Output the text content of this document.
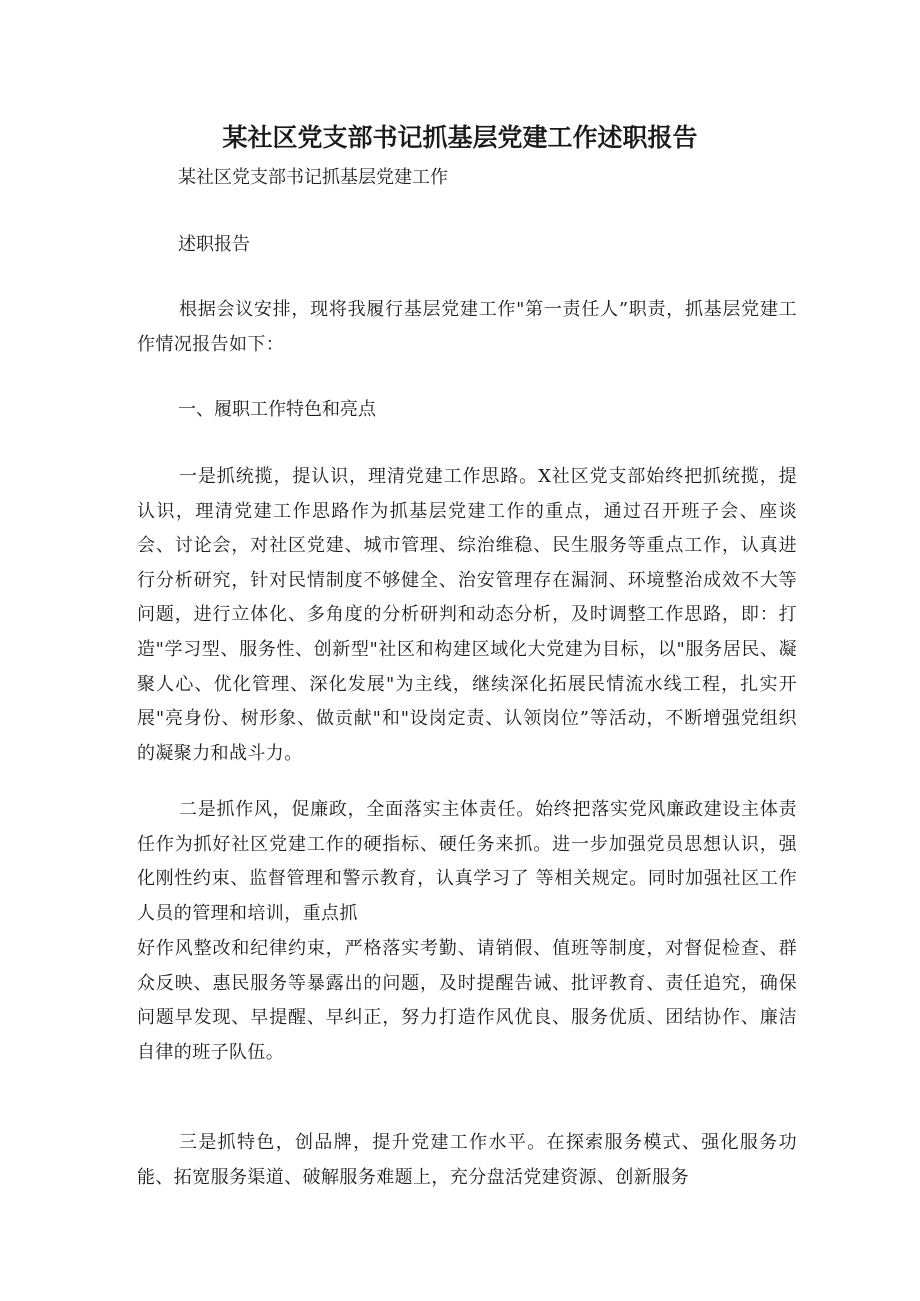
某社区党支部书记抓基层党建工作述职报告

某社区党支部书记抓基层党建工作

述职报告

根据会议安排，现将我履行基层党建工作"第一责任人”职责，抓基层党建工作情况报告如下：

一、履职工作特色和亮点

一是抓统揽，提认识，理清党建工作思路。X社区党支部始终把抓统揽，提认识，理清党建工作思路作为抓基层党建工作的重点，通过召开班子会、座谈会、讨论会，对社区党建、城市管理、综治维稳、民生服务等重点工作，认真进行分析研究，针对民情制度不够健全、治安管理存在漏洞、环境整治成效不大等问题，进行立体化、多角度的分析研判和动态分析，及时调整工作思路，即：打造"学习型、服务性、创新型"社区和构建区域化大党建为目标，以"服务居民、凝聚人心、优化管理、深化发展"为主线，继续深化拓展民情流水线工程，扎实开展"亮身份、树形象、做贡献"和"设岗定责、认领岗位”等活动，不断增强党组织的凝聚力和战斗力。

二是抓作风，促廉政，全面落实主体责任。始终把落实党风廉政建设主体责任作为抓好社区党建工作的硬指标、硬任务来抓。进一步加强党员思想认识，强化刚性约束、监督管理和警示教育，认真学习了 等相关规定。同时加强社区工作人员的管理和培训，重点抓

好作风整改和纪律约束，严格落实考勤、请销假、值班等制度，对督促检查、群众反映、惠民服务等暴露出的问题，及时提醒告诫、批评教育、责任追究，确保问题早发现、早提醒、早纠正，努力打造作风优良、服务优质、团结协作、廉洁自律的班子队伍。

三是抓特色，创品牌，提升党建工作水平。在探索服务模式、强化服务功能、拓宽服务渠道、破解服务难题上，充分盘活党建资源、创新服务
